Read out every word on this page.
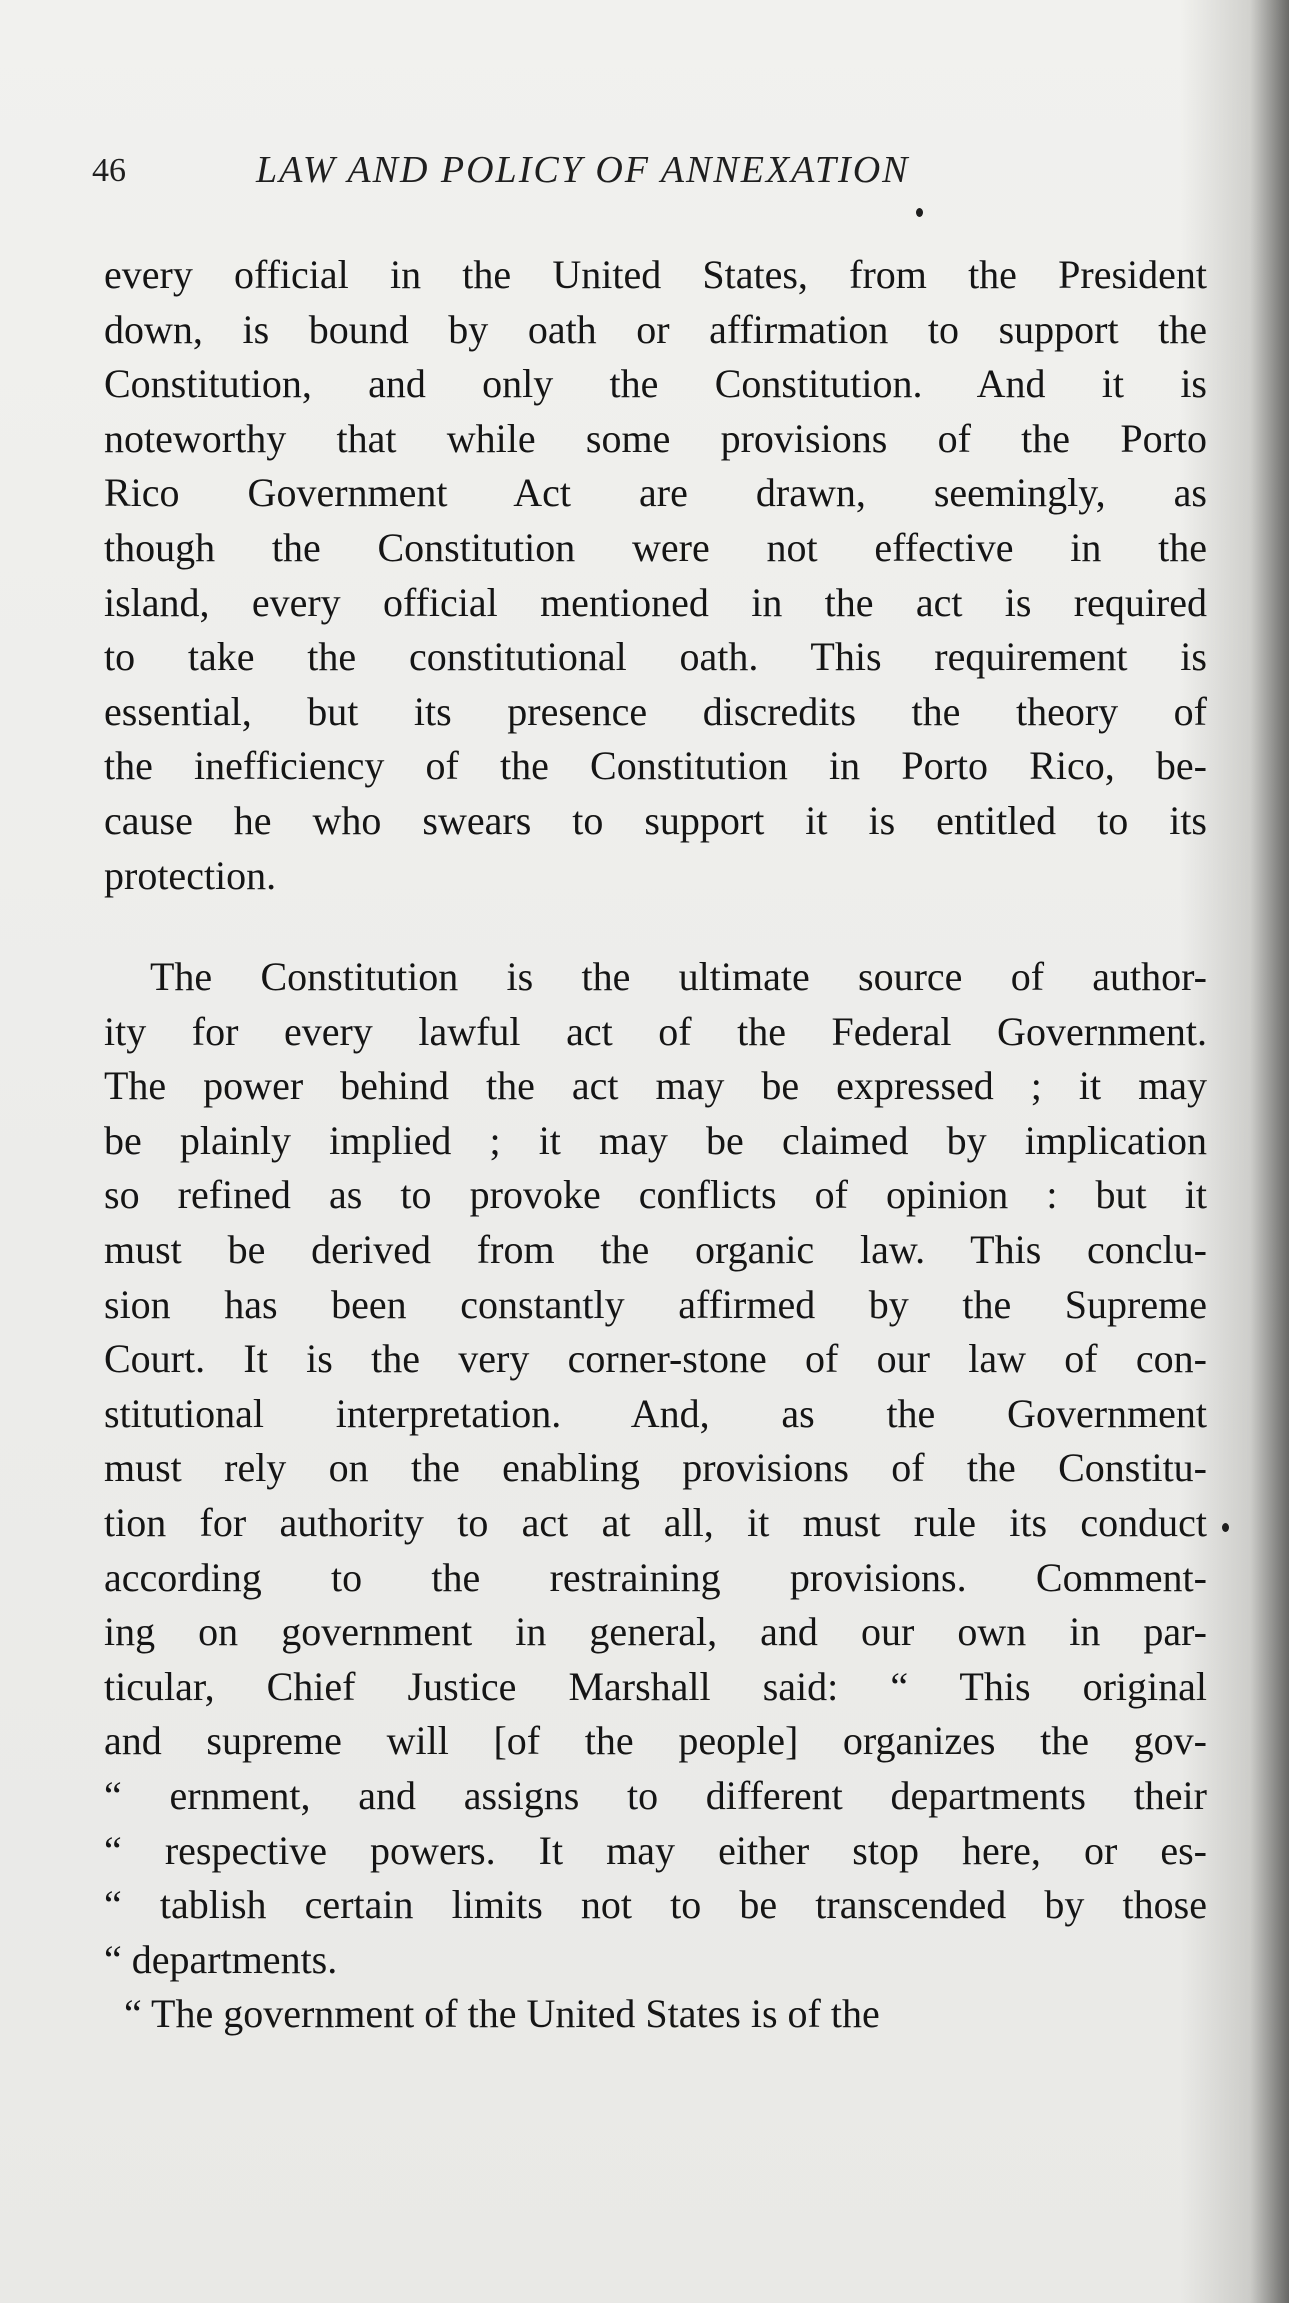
46	LAW AND POLICY OF ANNEXATION
every official in the United States, from the President
down, is bound by oath or affirmation to support the
Constitution, and only the Constitution. And it is
noteworthy that while some provisions of the Porto
Rico Government Act are drawn, seemingly, as
though the Constitution were not effective in the
island, every official mentioned in the act is required
to take the constitutional oath. This requirement is
essential, but its presence discredits the theory of
the inefficiency of the Constitution in Porto Rico, be-
cause he who swears to support it is entitled to its
protection.
The Constitution is the ultimate source of author-
ity for every lawful act of the Federal Government.
The power behind the act may be expressed ; it may
be plainly implied ; it may be claimed by implication
so refined as to provoke conflicts of opinion : but it
must be derived from the organic law. This conclu-
sion has been constantly affirmed by the Supreme
Court. It is the very corner-stone of our law of con-
stitutional interpretation. And, as the Government
must rely on the enabling provisions of the Constitu-
tion for authority to act at all, it must rule its conduct
according to the restraining provisions. Comment-
ing on government in general, and our own in par-
ticular, Chief Justice Marshall said: “ This original
and supreme will [of the people] organizes the gov-
“ ernment, and assigns to different departments their
“ respective powers. It may either stop here, or es-
“ tablish certain limits not to be transcended by those
“ departments.
“ The government of the United States is of the
